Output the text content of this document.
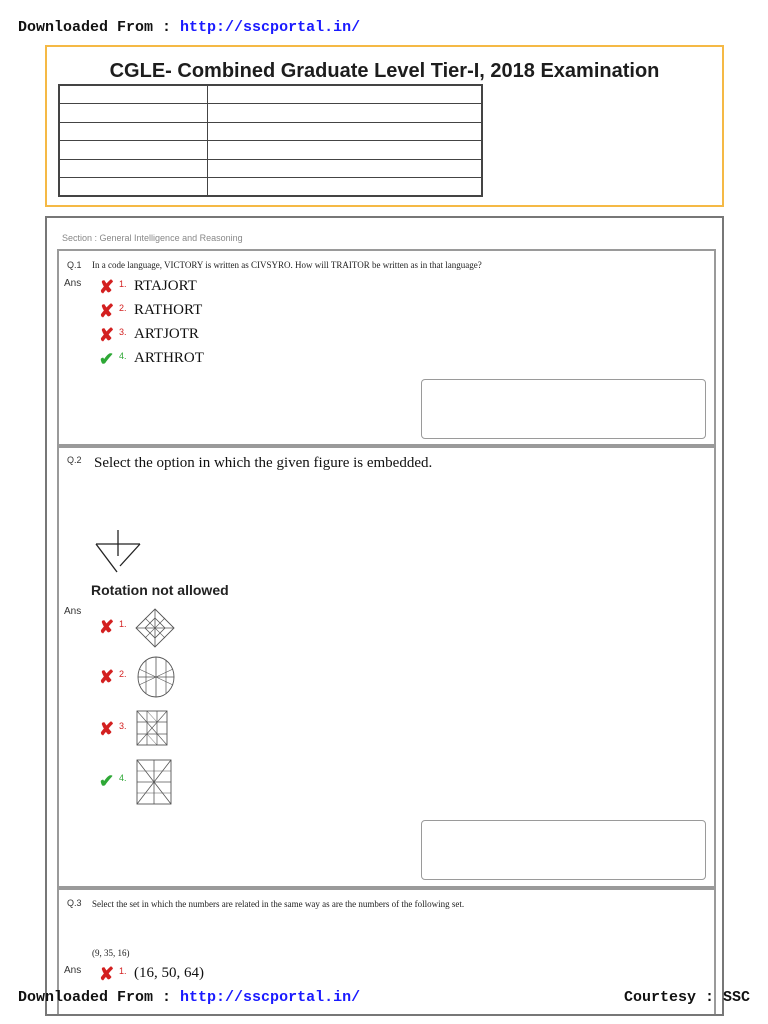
Downloaded From : http://sscportal.in/
CGLE- Combined Graduate Level Tier-I, 2018 Examination

Section : General Intelligence and Reasoning
Q.1 In a code language, VICTORY is written as CIVSYRO. How will TRAITOR be written as in that language?
Ans ✘ 1. RTAJORT
✘ 2. RATHORT
✘ 3. ARTJOTR
✔ 4. ARTHROT
Q.2 Select the option in which the given figure is embedded.
Rotation not allowed
Ans
✘ 1.
✘ 2.
✘ 3.
✔ 4.
Q.3 Select the set in which the numbers are related in the same way as are the numbers of the following set.
(9, 35, 16)
Ans ✘ 1. (16, 50, 64)
Downloaded From : http://sscportal.in/	Courtesy : SSC
